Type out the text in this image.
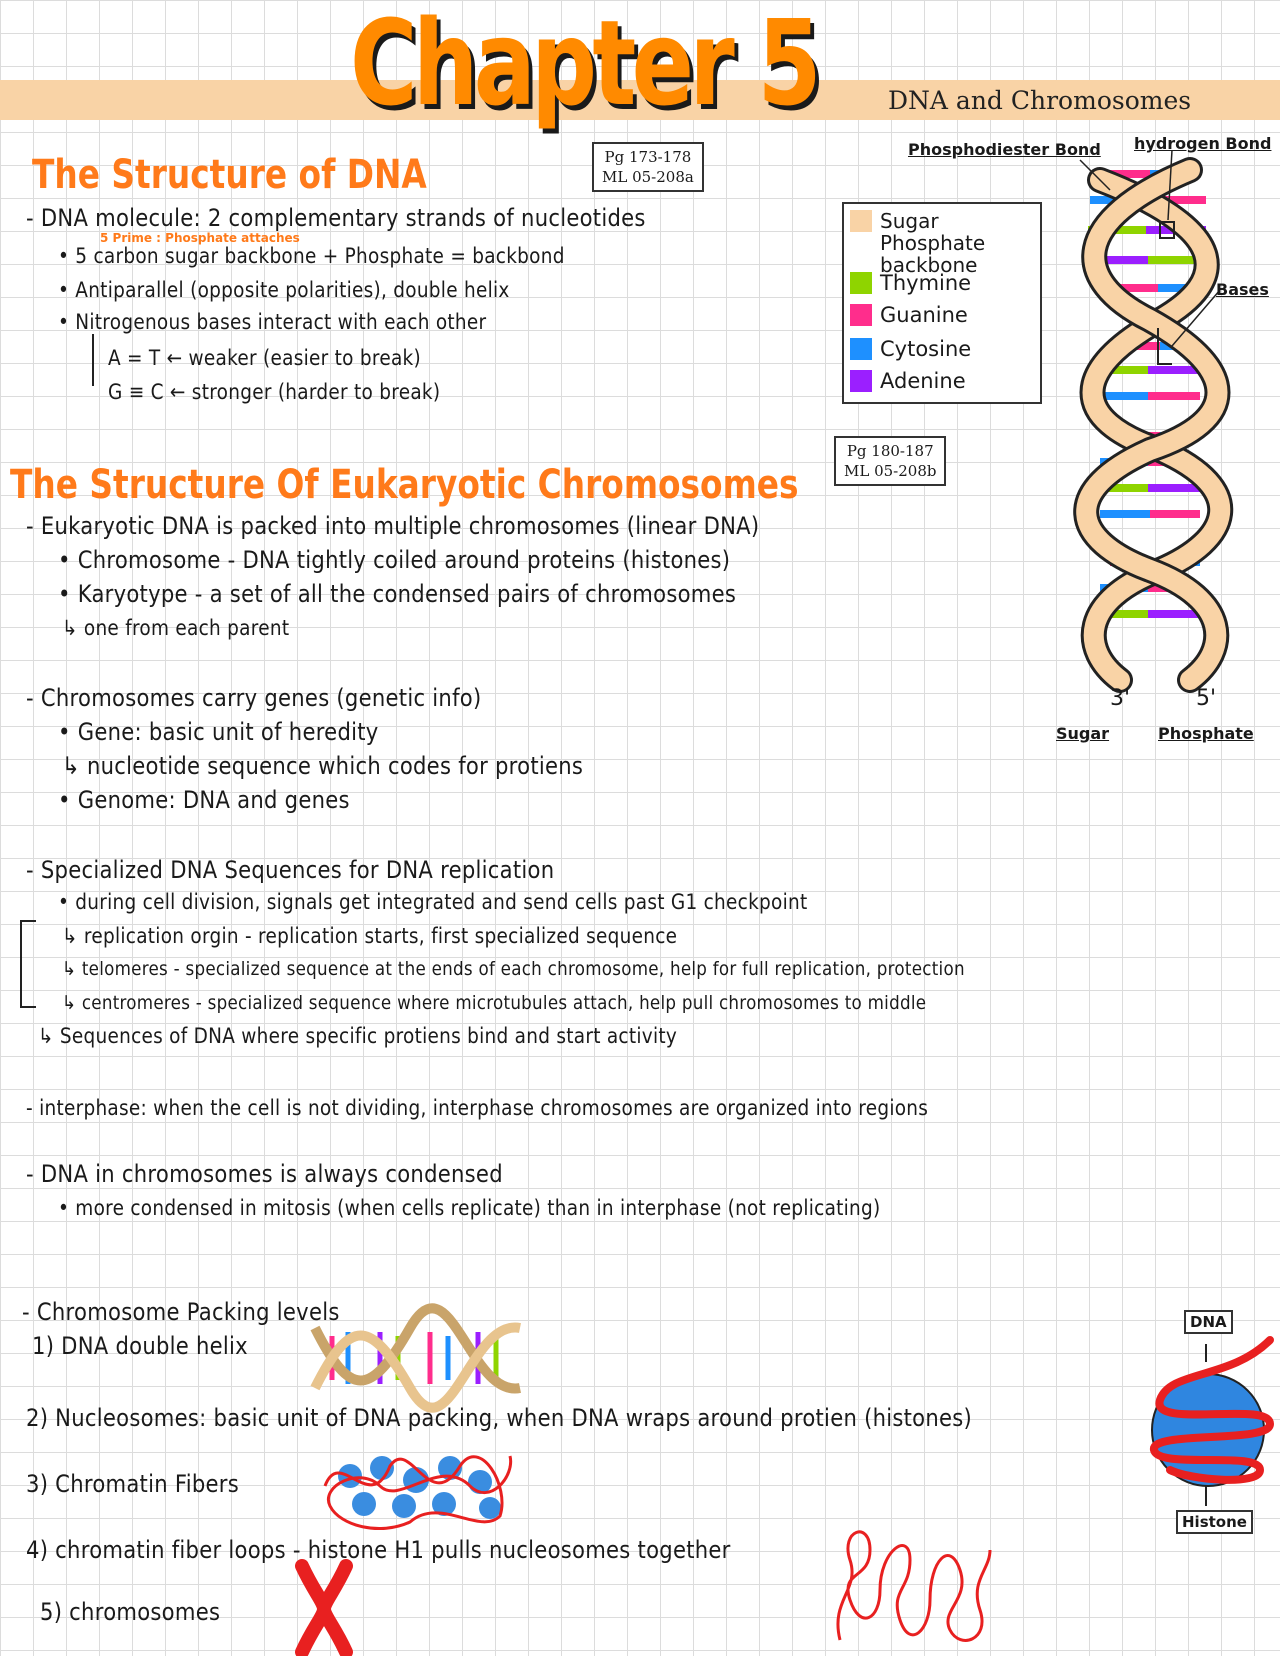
Chapter 5	DNA and Chromosomes
Pg 173-178
ML 05-208a
Pg 180-187
ML 05-208b
The Structure of DNA
- DNA molecule: 2 complementary strands of nucleotides
5 Prime : Phosphate attaches
• 5 carbon sugar backbone + Phosphate = backbond
• Antiparallel (opposite polarities), double helix
• Nitrogenous bases interact with each other
A = T ← weaker (easier to break)
G ≡ C ← stronger (harder to break)
Sugar Phosphate backbone
Thymine
Guanine
Cytosine
Adenine
Phosphodiester Bond hydrogen Bond
Bases
3'	5'
Sugar	Phosphate
The Structure Of Eukaryotic Chromosomes
- Eukaryotic DNA is packed into multiple chromosomes (linear DNA)
• Chromosome - DNA tightly coiled around proteins (histones)
• Karyotype - a set of all the condensed pairs of chromosomes
↳ one from each parent
- Chromosomes carry genes (genetic info)
• Gene: basic unit of heredity
↳ nucleotide sequence which codes for protiens
• Genome: DNA and genes
- Specialized DNA Sequences for DNA replication
• during cell division, signals get integrated and send cells past G1 checkpoint
↳ replication orgin - replication starts, first specialized sequence
↳ telomeres - specialized sequence at the ends of each chromosome, help for full replication, protection
↳ centromeres - specialized sequence where microtubules attach, help pull chromosomes to middle
↳ Sequences of DNA where specific protiens bind and start activity
- interphase: when the cell is not dividing, interphase chromosomes are organized into regions
- DNA in chromosomes is always condensed
• more condensed in mitosis (when cells replicate) than in interphase (not replicating)
- Chromosome Packing levels
1) DNA double helix
2) Nucleosomes: basic unit of DNA packing, when DNA wraps around protien (histones)
3) Chromatin Fibers
4) chromatin fiber loops - histone H1 pulls nucleosomes together
5) chromosomes
DNA
Histone
